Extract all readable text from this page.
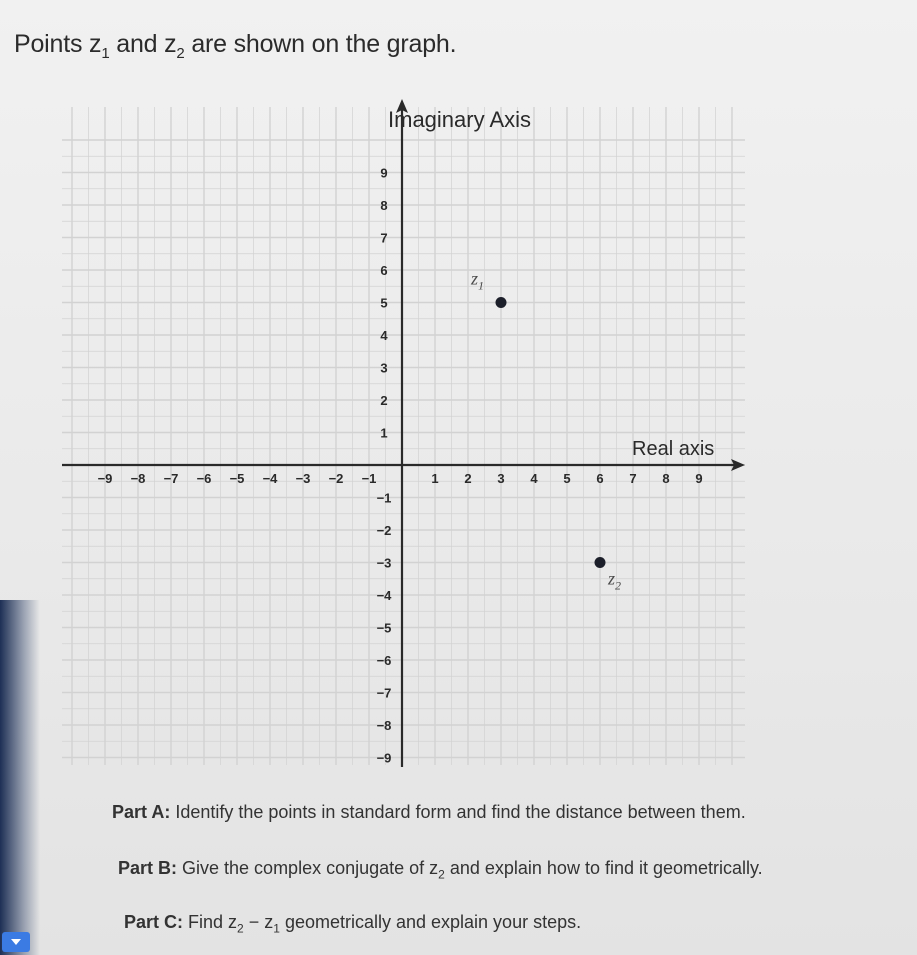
Points $z_1$ and $z_2$ are shown on the graph.
−9 −8 −7 −6 −5 −4 −3 −2 −1	1 2 3 4 5 6 7 8 9
9
8
7
6
5
4
3
2
1
−1
−2
−3
−4
−5
−6
−7
−8
−9
$z_1$
$z_2$
Real axis
Imaginary Axis
Part A: Identify the points in standard form and find the distance between them.
Part B: Give the complex conjugate of $z_2$ and explain how to find it geometrically.
Part C: Find $z_2 - z_1$ geometrically and explain your steps.
